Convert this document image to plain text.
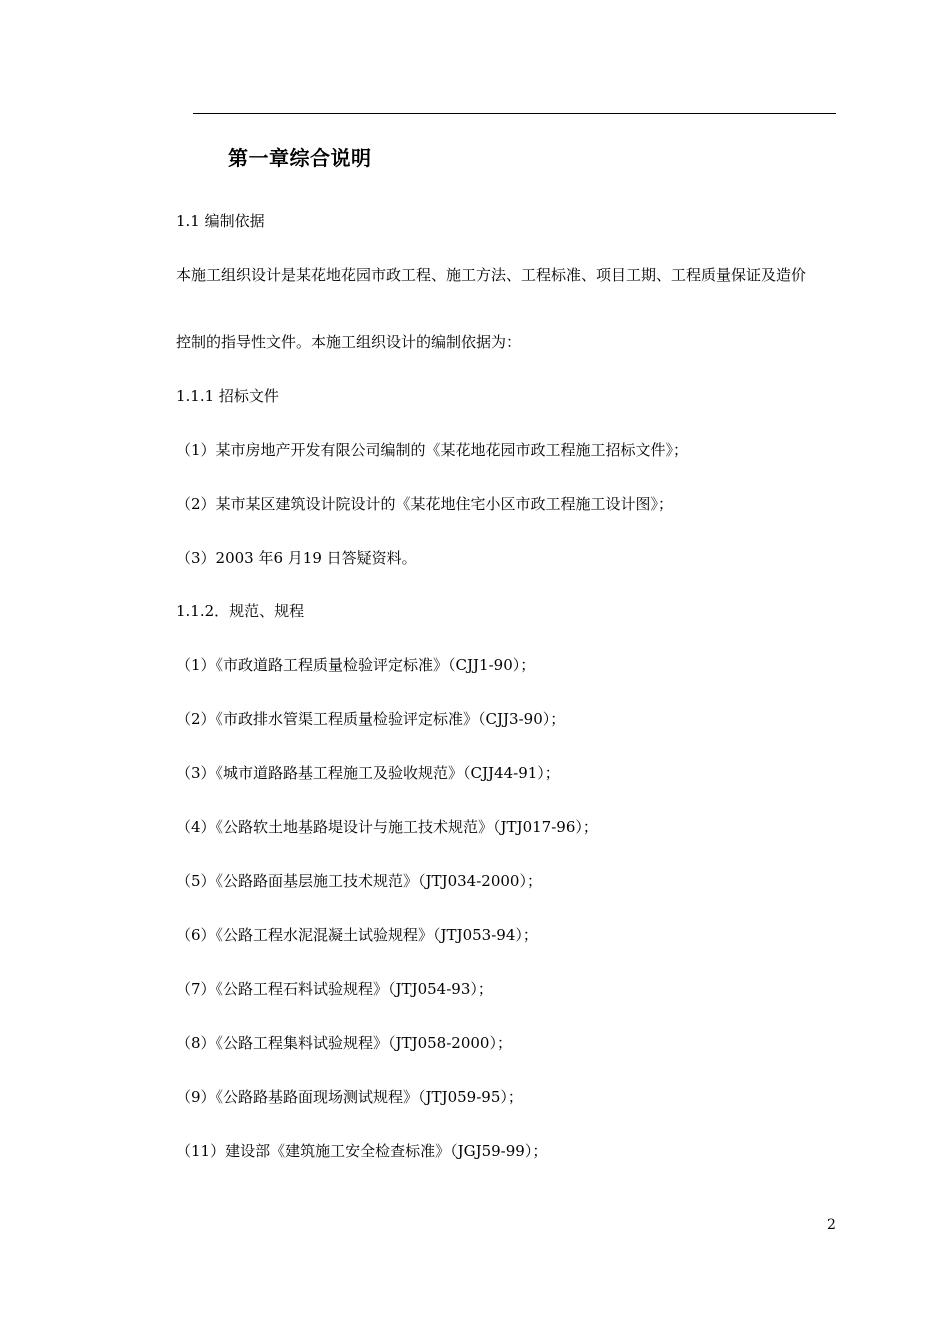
第一章综合说明
1.1 编制依据
本施工组织设计是某花地花园市政工程、施工方法、工程标准、项目工期、工程质量保证及造价
控制的指导性文件。本施工组织设计的编制依据为：
1.1.1 招标文件
（1）某市房地产开发有限公司编制的《某花地花园市政工程施工招标文件》；
（2）某市某区建筑设计院设计的《某花地住宅小区市政工程施工设计图》；
（3）2003 年6 月19 日答疑资料。
1.1.2．规范、规程
（1）《市政道路工程质量检验评定标准》（CJJ1-90）；
（2）《市政排水管渠工程质量检验评定标准》（CJJ3-90）；
（3）《城市道路路基工程施工及验收规范》（CJJ44-91）；
（4）《公路软土地基路堤设计与施工技术规范》（JTJ017-96）；
（5）《公路路面基层施工技术规范》（JTJ034-2000）；
（6）《公路工程水泥混凝土试验规程》（JTJ053-94）；
（7）《公路工程石料试验规程》（JTJ054-93）；
（8）《公路工程集料试验规程》（JTJ058-2000）；
（9）《公路路基路面现场测试规程》（JTJ059-95）；
（11）建设部《建筑施工安全检查标准》（JGJ59-99）；
2
